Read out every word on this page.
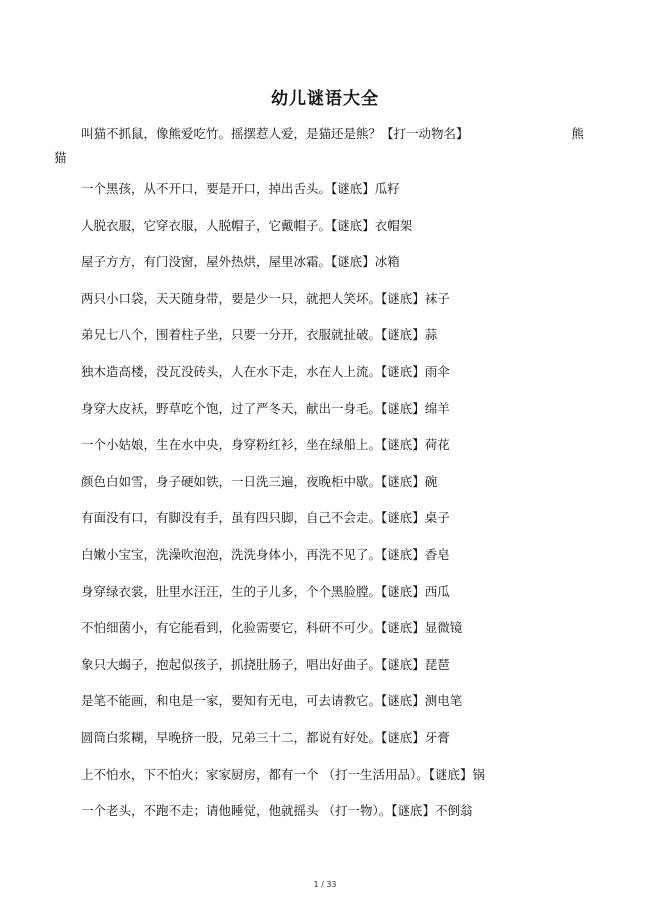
幼儿谜语大全
叫猫不抓鼠，像熊爱吃竹。摇摆惹人爱，是猫还是熊？【打一动物名】	熊
猫
一个黑孩，从不开口，要是开口，掉出舌头。【谜底】瓜籽
人脱衣服，它穿衣服，人脱帽子，它戴帽子。【谜底】衣帽架
屋子方方，有门没窗，屋外热烘，屋里冰霜。【谜底】冰箱
两只小口袋，天天随身带，要是少一只，就把人笑坏。【谜底】袜子
弟兄七八个，围着柱子坐，只要一分开，衣服就扯破。【谜底】蒜
独木造高楼，没瓦没砖头，人在水下走，水在人上流。【谜底】雨伞
身穿大皮袄，野草吃个饱，过了严冬天，献出一身毛。【谜底】绵羊
一个小姑娘，生在水中央，身穿粉红衫，坐在绿船上。【谜底】荷花
颜色白如雪，身子硬如铁，一日洗三遍，夜晚柜中歇。【谜底】碗
有面没有口，有脚没有手，虽有四只脚，自己不会走。【谜底】桌子
白嫩小宝宝，洗澡吹泡泡，洗洗身体小，再洗不见了。【谜底】香皂
身穿绿衣裳，肚里水汪汪，生的子儿多，个个黑脸膛。【谜底】西瓜
不怕细菌小，有它能看到，化验需要它，科研不可少。【谜底】显微镜
象只大蝎子，抱起似孩子，抓挠肚肠子，唱出好曲子。【谜底】琵琶
是笔不能画，和电是一家，要知有无电，可去请教它。【谜底】测电笔
圆筒白浆糊，早晚挤一股，兄弟三十二，都说有好处。【谜底】牙膏
上不怕水，下不怕火；家家厨房，都有一个 （打一生活用品）。【谜底】锅
一个老头，不跑不走；请他睡觉，他就摇头 （打一物）。【谜底】不倒翁
1 / 33
